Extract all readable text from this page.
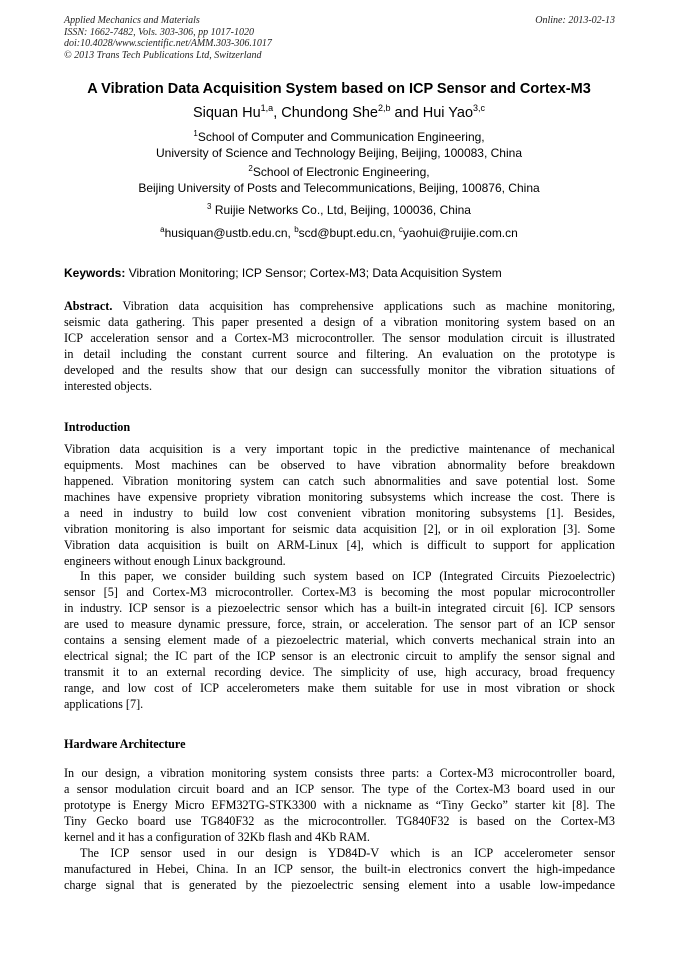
Applied Mechanics and Materials
ISSN: 1662-7482, Vols. 303-306, pp 1017-1020
doi:10.4028/www.scientific.net/AMM.303-306.1017
© 2013 Trans Tech Publications Ltd, Switzerland
Online: 2013-02-13
A Vibration Data Acquisition System based on ICP Sensor and Cortex-M3
Siquan Hu$^{1,a}$, Chundong She$^{2,b}$ and Hui Yao$^{3,c}$
$^1$School of Computer and Communication Engineering,
University of Science and Technology Beijing, Beijing, 100083, China
$^2$School of Electronic Engineering,
Beijing University of Posts and Telecommunications, Beijing, 100876, China
$^3$ Ruijie Networks Co., Ltd, Beijing, 100036, China
$^a$husiquan@ustb.edu.cn, $^b$scd@bupt.edu.cn, $^c$yaohui@ruijie.com.cn
Keywords: Vibration Monitoring; ICP Sensor; Cortex-M3; Data Acquisition System
Abstract. Vibration data acquisition has comprehensive applications such as machine monitoring,
seismic data gathering. This paper presented a design of a vibration monitoring system based on an
ICP acceleration sensor and a Cortex-M3 microcontroller. The sensor modulation circuit is illustrated
in detail including the constant current source and filtering. An evaluation on the prototype is
developed and the results show that our design can successfully monitor the vibration situations of
interested objects.
Introduction
Vibration data acquisition is a very important topic in the predictive maintenance of mechanical
equipments. Most machines can be observed to have vibration abnormality before breakdown
happened. Vibration monitoring system can catch such abnormalities and save potential lost. Some
machines have expensive propriety vibration monitoring subsystems which increase the cost. There is
a need in industry to build low cost convenient vibration monitoring subsystems [1]. Besides,
vibration monitoring is also important for seismic data acquisition [2], or in oil exploration [3]. Some
Vibration data acquisition is built on ARM-Linux [4], which is difficult to support for application
engineers without enough Linux background.
In this paper, we consider building such system based on ICP (Integrated Circuits Piezoelectric)
sensor [5] and Cortex-M3 microcontroller. Cortex-M3 is becoming the most popular microcontroller
in industry. ICP sensor is a piezoelectric sensor which has a built-in integrated circuit [6]. ICP sensors
are used to measure dynamic pressure, force, strain, or acceleration. The sensor part of an ICP sensor
contains a sensing element made of a piezoelectric material, which converts mechanical strain into an
electrical signal; the IC part of the ICP sensor is an electronic circuit to amplify the sensor signal and
transmit it to an external recording device. The simplicity of use, high accuracy, broad frequency
range, and low cost of ICP accelerometers make them suitable for use in most vibration or shock
applications [7].
Hardware Architecture
In our design, a vibration monitoring system consists three parts: a Cortex-M3 microcontroller board,
a sensor modulation circuit board and an ICP sensor. The type of the Cortex-M3 board used in our
prototype is Energy Micro EFM32TG-STK3300 with a nickname as “Tiny Gecko” starter kit [8]. The
Tiny Gecko board use TG840F32 as the microcontroller. TG840F32 is based on the Cortex-M3
kernel and it has a configuration of 32Kb flash and 4Kb RAM.
The ICP sensor used in our design is YD84D-V which is an ICP accelerometer sensor
manufactured in Hebei, China. In an ICP sensor, the built-in electronics convert the high-impedance
charge signal that is generated by the piezoelectric sensing element into a usable low-impedance
